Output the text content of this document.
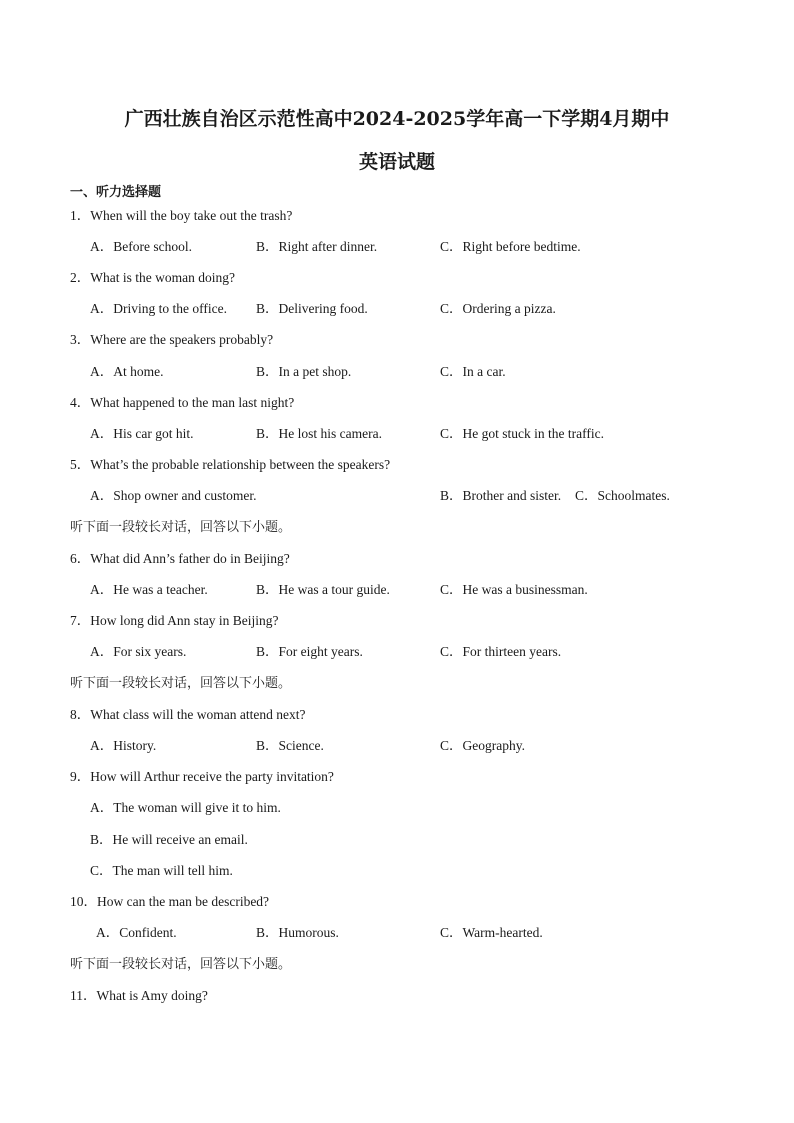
广西壮族自治区示范性高中2024-2025学年高一下学期4月期中
英语试题
一、听力选择题
1．When will the boy take out the trash?
A．Before school.	B．Right after dinner.	C．Right before bedtime.
2．What is the woman doing?
A．Driving to the office. B．Delivering food.	C．Ordering a pizza.
3．Where are the speakers probably?
A．At home.	B．In a pet shop.	C．In a car.
4．What happened to the man last night?
A．His car got hit.	B．He lost his camera.	C．He got stuck in the traffic.
5．What’s the probable relationship between the speakers?
A．Shop owner and customer.	B．Brother and sister. C．Schoolmates.
听下面一段较长对话，回答以下小题。
6．What did Ann’s father do in Beijing?
A．He was a teacher.	B．He was a tour guide.	C．He was a businessman.
7．How long did Ann stay in Beijing?
A．For six years.	B．For eight years.	C．For thirteen years.
听下面一段较长对话，回答以下小题。
8．What class will the woman attend next?
A．History.	B．Science.	C．Geography.
9．How will Arthur receive the party invitation?
A．The woman will give it to him.
B．He will receive an email.
C．The man will tell him.
10．How can the man be described?
A．Confident.	B．Humorous.	C．Warm-hearted.
听下面一段较长对话，回答以下小题。
11．What is Amy doing?
